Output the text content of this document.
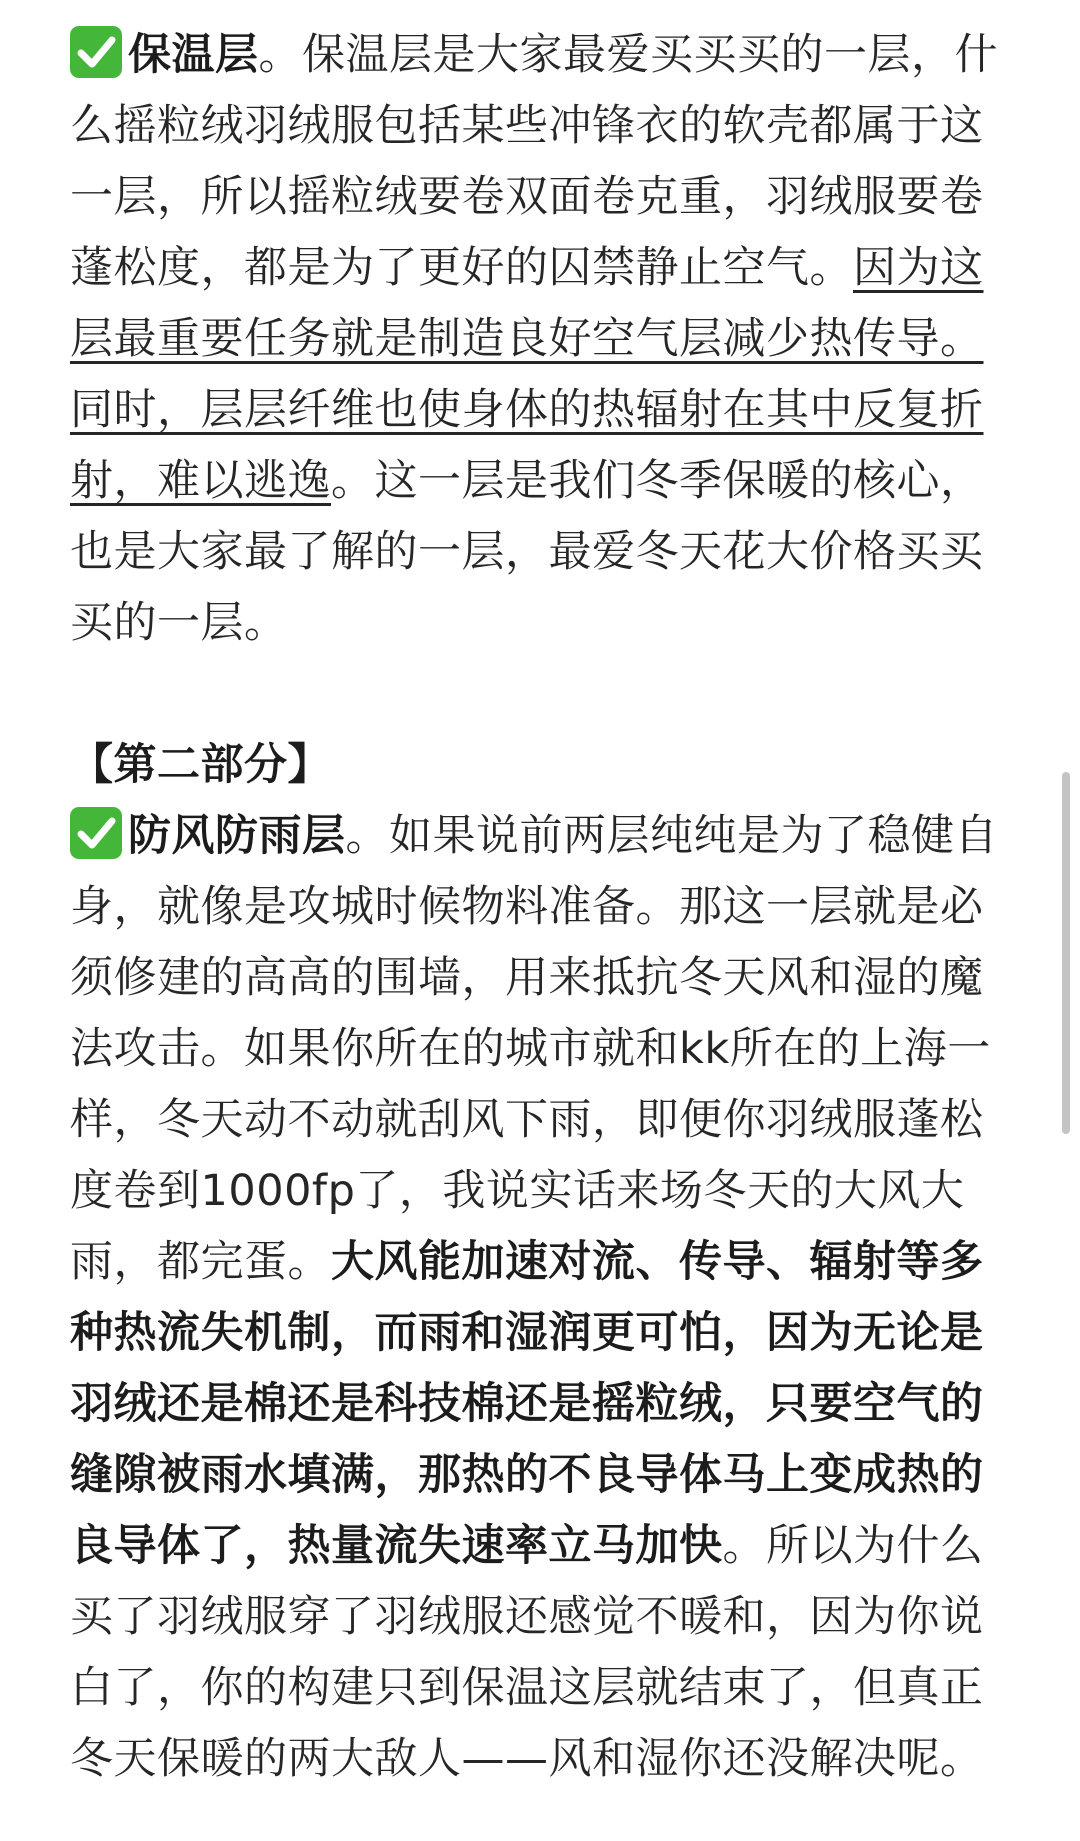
保温层。保温层是大家最爱买买买的一层，什么摇粒绒羽绒服包括某些冲锋衣的软壳都属于这一层，所以摇粒绒要卷双面卷克重，羽绒服要卷蓬松度，都是为了更好的囚禁静止空气。因为这层最重要任务就是制造良好空气层减少热传导。同时，层层纤维也使身体的热辐射在其中反复折射，难以逃逸。这一层是我们冬季保暖的核心，也是大家最了解的一层，最爱冬天花大价格买买买的一层。

【第二部分】

防风防雨层。如果说前两层纯纯是为了稳健自身，就像是攻城时候物料准备。那这一层就是必须修建的高高的围墙，用来抵抗冬天风和湿的魔法攻击。如果你所在的城市就和kk所在的上海一样，冬天动不动就刮风下雨，即便你羽绒服蓬松度卷到1000fp了，我说实话来场冬天的大风大雨，都完蛋。大风能加速对流、传导、辐射等多种热流失机制，而雨和湿润更可怕，因为无论是羽绒还是棉还是科技棉还是摇粒绒，只要空气的缝隙被雨水填满，那热的不良导体马上变成热的良导体了，热量流失速率立马加快。所以为什么买了羽绒服穿了羽绒服还感觉不暖和，因为你说白了，你的构建只到保温这层就结束了，但真正冬天保暖的两大敌人——风和湿你还没解决呢。
